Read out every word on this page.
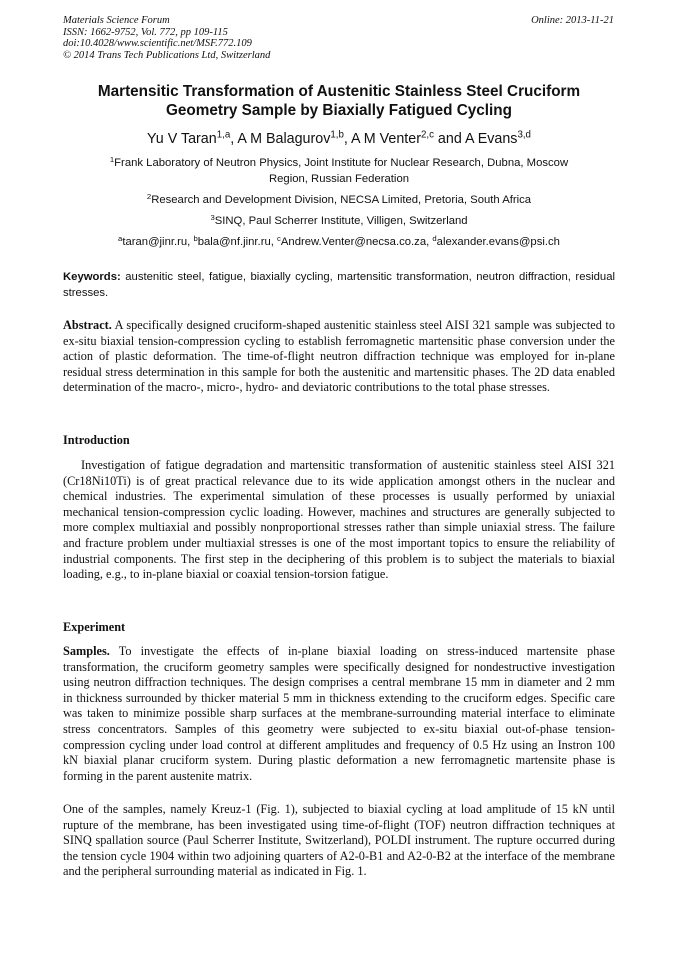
Materials Science Forum
ISSN: 1662-9752, Vol. 772, pp 109-115
doi:10.4028/www.scientific.net/MSF.772.109
© 2014 Trans Tech Publications Ltd, Switzerland
Online: 2013-11-21
Martensitic Transformation of Austenitic Stainless Steel Cruciform
Geometry Sample by Biaxially Fatigued Cycling
Yu V Taran$^{1,a}$, A M Balagurov$^{1,b}$, A M Venter$^{2,c}$ and A Evans$^{3,d}$
$^1$Frank Laboratory of Neutron Physics, Joint Institute for Nuclear Research, Dubna, Moscow
Region, Russian Federation
$^2$Research and Development Division, NECSA Limited, Pretoria, South Africa
$^3$SINQ, Paul Scherrer Institute, Villigen, Switzerland
$^a$taran@jinr.ru, $^b$bala@nf.jinr.ru, $^c$Andrew.Venter@necsa.co.za, $^d$alexander.evans@psi.ch
Keywords: austenitic steel, fatigue, biaxially cycling, martensitic transformation, neutron diffraction, residual stresses.
Abstract. A specifically designed cruciform-shaped austenitic stainless steel AISI 321 sample was subjected to ex-situ biaxial tension-compression cycling to establish ferromagnetic martensitic phase conversion under the action of plastic deformation. The time-of-flight neutron diffraction technique was employed for in-plane residual stress determination in this sample for both the austenitic and martensitic phases. The 2D data enabled determination of the macro-, micro-, hydro- and deviatoric contributions to the total phase stresses.
Introduction
Investigation of fatigue degradation and martensitic transformation of austenitic stainless steel AISI 321 (Cr18Ni10Ti) is of great practical relevance due to its wide application amongst others in the nuclear and chemical industries. The experimental simulation of these processes is usually performed by uniaxial mechanical tension-compression cyclic loading. However, machines and structures are generally subjected to more complex multiaxial and possibly nonproportional stresses rather than simple uniaxial stress. The failure and fracture problem under multiaxial stresses is one of the most important topics to ensure the reliability of industrial components. The first step in the deciphering of this problem is to subject the materials to biaxial loading, e.g., to in-plane biaxial or coaxial tension-torsion fatigue.
Experiment
Samples. To investigate the effects of in-plane biaxial loading on stress-induced martensite phase transformation, the cruciform geometry samples were specifically designed for nondestructive investigation using neutron diffraction techniques. The design comprises a central membrane 15 mm in diameter and 2 mm in thickness surrounded by thicker material 5 mm in thickness extending to the cruciform edges. Specific care was taken to minimize possible sharp surfaces at the membrane-surrounding material interface to eliminate stress concentrators. Samples of this geometry were subjected to ex-situ biaxial out-of-phase tension-compression cycling under load control at different amplitudes and frequency of 0.5 Hz using an Instron 100 kN biaxial planar cruciform system. During plastic deformation a new ferromagnetic martensite phase is forming in the parent austenite matrix.
One of the samples, namely Kreuz-1 (Fig. 1), subjected to biaxial cycling at load amplitude of 15 kN until rupture of the membrane, has been investigated using time-of-flight (TOF) neutron diffraction techniques at SINQ spallation source (Paul Scherrer Institute, Switzerland), POLDI instrument. The rupture occurred during the tension cycle 1904 within two adjoining quarters of A2-0-B1 and A2-0-B2 at the interface of the membrane and the peripheral surrounding material as indicated in Fig. 1.
